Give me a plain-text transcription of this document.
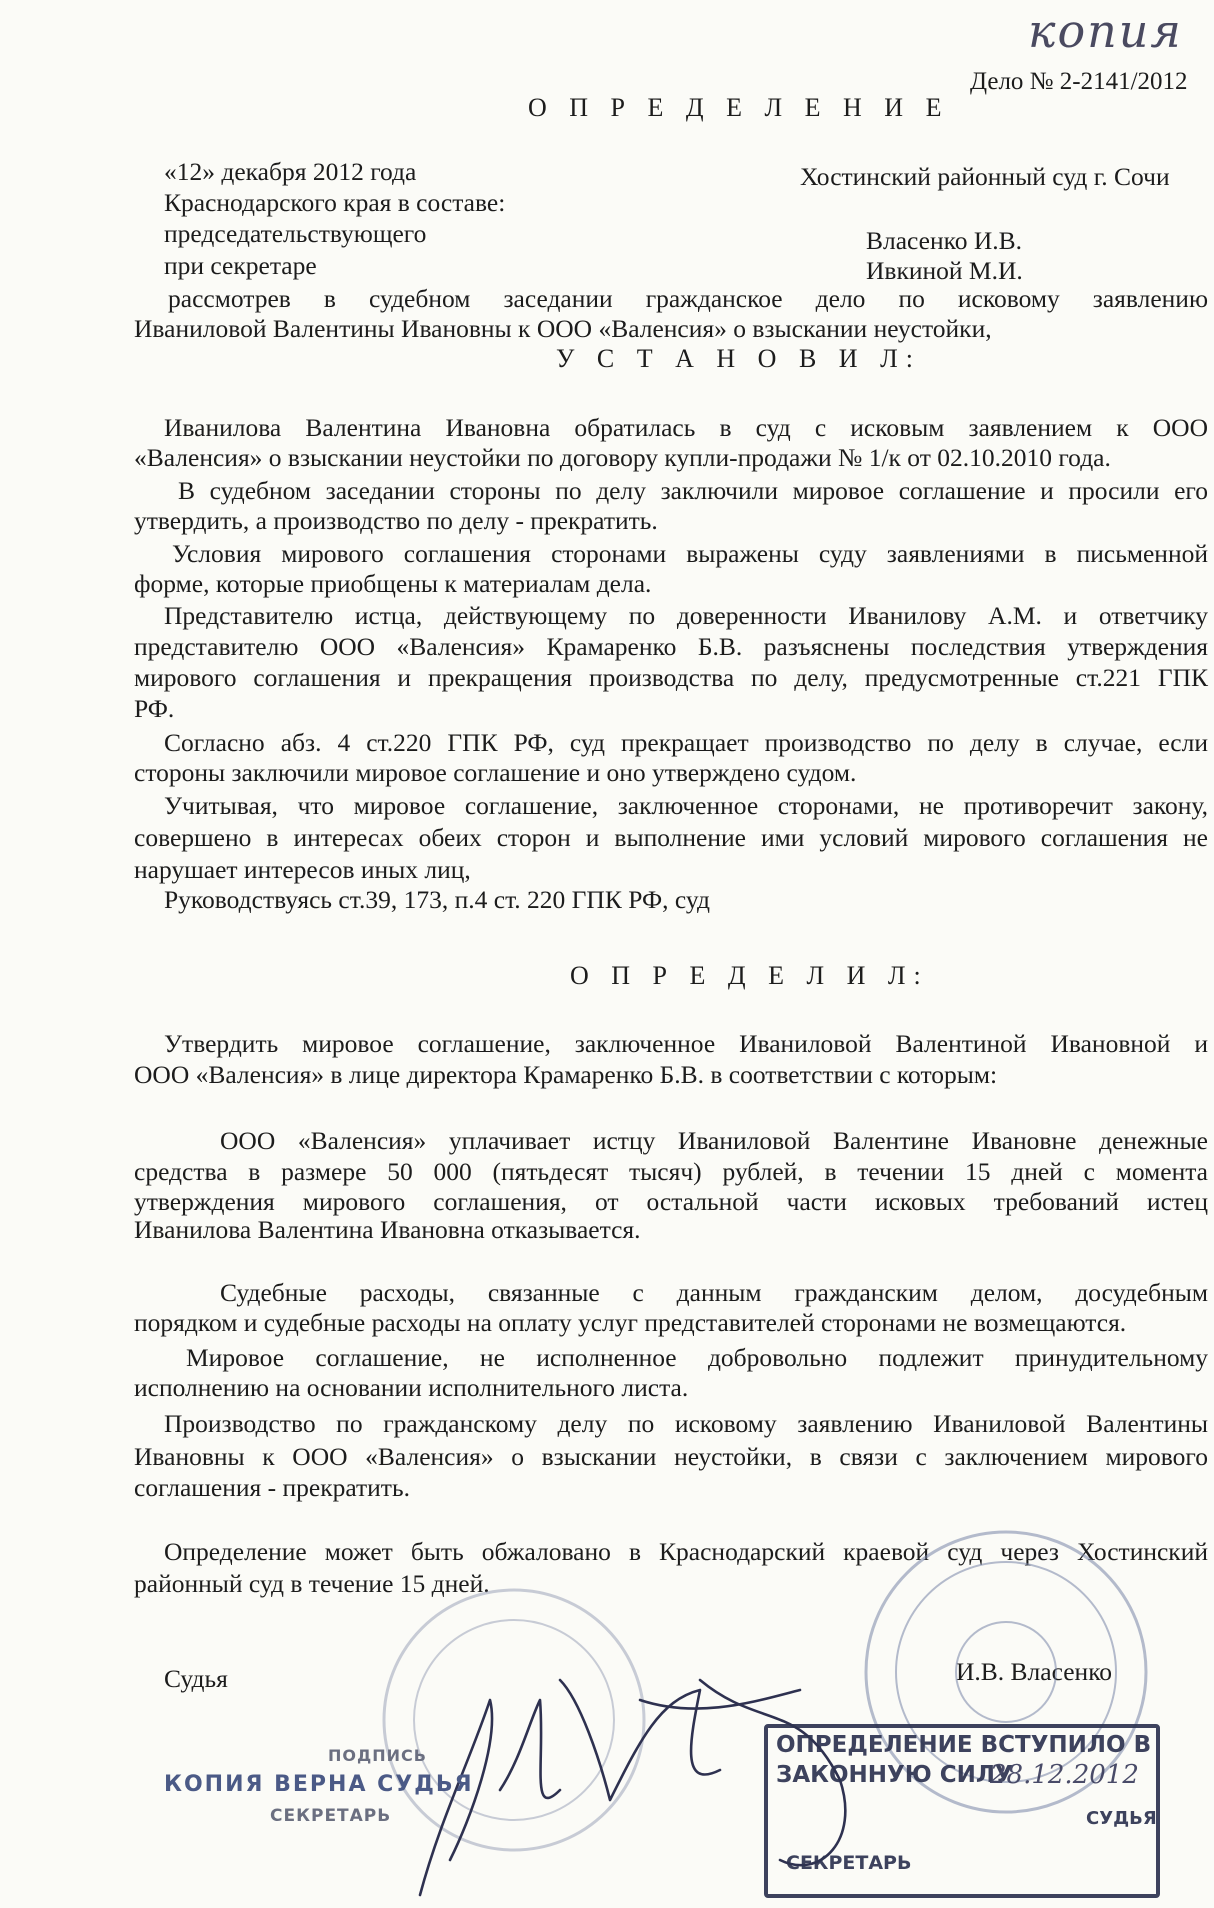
копия
Дело № 2-2141/2012
О П Р Е Д Е Л Е Н И Е
«12» декабря 2012 года	Хостинский районный суд г. Сочи
Краснодарского края в составе:
председательствующего	Власенко И.В.
при секретаре	Ивкиной М.И.
рассмотрев в судебном заседании гражданское дело по исковому заявлению
Иваниловой Валентины Ивановны к ООО «Валенсия» о взыскании неустойки,
У С Т А Н О В И Л:
Иванилова Валентина Ивановна обратилась в суд с исковым заявлением к ООО
«Валенсия» о взыскании неустойки по договору купли-продажи № 1/к от 02.10.2010 года.
В судебном заседании стороны по делу заключили мировое соглашение и просили его
утвердить, а производство по делу - прекратить.
Условия мирового соглашения сторонами выражены суду заявлениями в письменной
форме, которые приобщены к материалам дела.
Представителю истца, действующему по доверенности Иванилову А.М. и ответчику
представителю ООО «Валенсия» Крамаренко Б.В. разъяснены последствия утверждения
мирового соглашения и прекращения производства по делу, предусмотренные ст.221 ГПК
РФ.
Согласно абз. 4 ст.220 ГПК РФ, суд прекращает производство по делу в случае, если
стороны заключили мировое соглашение и оно утверждено судом.
Учитывая, что мировое соглашение, заключенное сторонами, не противоречит закону,
совершено в интересах обеих сторон и выполнение ими условий мирового соглашения не
нарушает интересов иных лиц,
Руководствуясь ст.39, 173, п.4 ст. 220 ГПК РФ, суд
О П Р Е Д Е Л И Л:
Утвердить мировое соглашение, заключенное Иваниловой Валентиной Ивановной и
ООО «Валенсия» в лице директора Крамаренко Б.В. в соответствии с которым:
ООО «Валенсия» уплачивает истцу Иваниловой Валентине Ивановне денежные
средства в размере 50 000 (пятьдесят тысяч) рублей, в течении 15 дней с момента
утверждения мирового соглашения, от остальной части исковых требований истец
Иванилова Валентина Ивановна отказывается.
Судебные расходы, связанные с данным гражданским делом, досудебным
порядком и судебные расходы на оплату услуг представителей сторонами не возмещаются.
Мировое соглашение, не исполненное добровольно подлежит принудительному
исполнению на основании исполнительного листа.
Производство по гражданскому делу по исковому заявлению Иваниловой Валентины
Ивановны к ООО «Валенсия» о взыскании неустойки, в связи с заключением мирового
соглашения - прекратить.
Определение может быть обжаловано в Краснодарский краевой суд через Хостинский
районный суд в течение 15 дней.
Судья	И.В. Власенко
ПОДПИСЬ
КОПИЯ ВЕРНА СУДЬЯ
СЕКРЕТАРЬ
ОПРЕДЕЛЕНИЕ ВСТУПИЛО В
ЗАКОННУЮ СИЛУ
28.12.2012
СУДЬЯ
СЕКРЕТАРЬ
